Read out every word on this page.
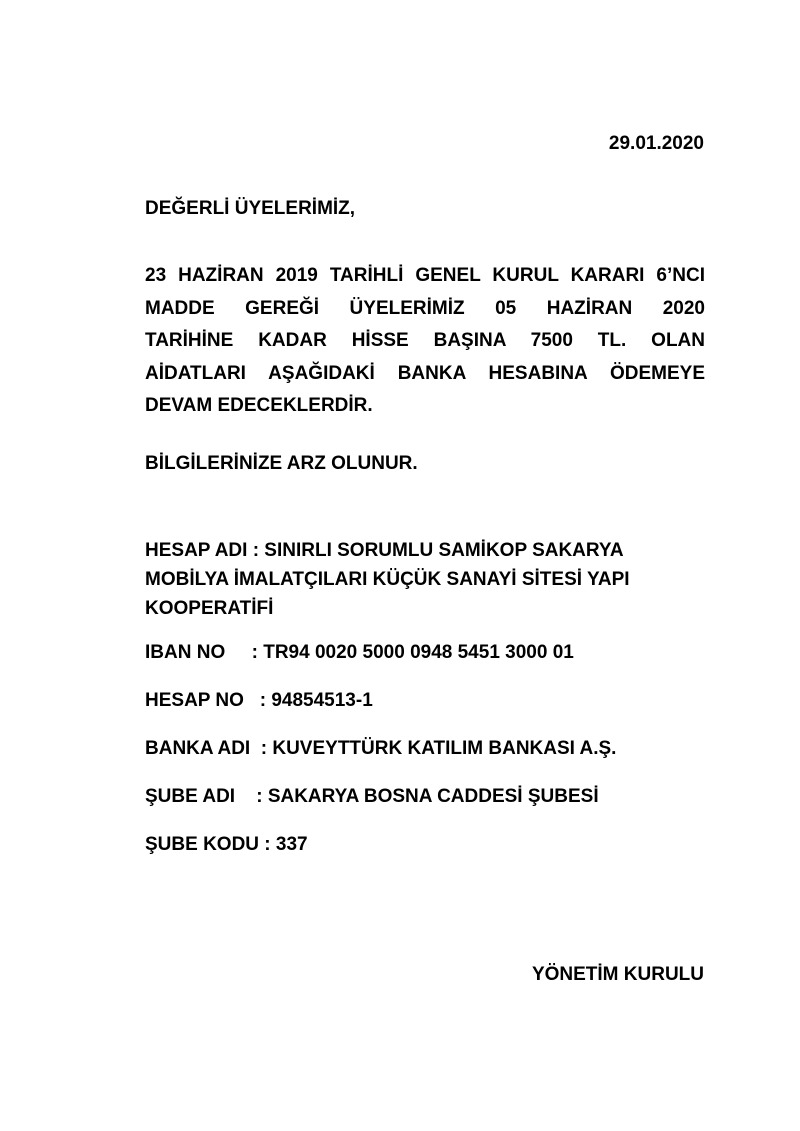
29.01.2020
DEĞERLİ ÜYELERİMİZ,
23 HAZİRAN 2019 TARİHLİ GENEL KURUL KARARI 6’NCI
MADDE GEREĞİ ÜYELERİMİZ 05 HAZİRAN 2020
TARİHİNE KADAR HİSSE BAŞINA 7500 TL. OLAN
AİDATLARI AŞAĞIDAKİ BANKA HESABINA ÖDEMEYE
DEVAM EDECEKLERDİR.
BİLGİLERİNİZE ARZ OLUNUR.
HESAP ADI : SINIRLI SORUMLU SAMİKOP SAKARYA
MOBİLYA İMALATÇILARI KÜÇÜK SANAYİ SİTESİ YAPI
KOOPERATİFİ
IBAN NO     : TR94 0020 5000 0948 5451 3000 01
HESAP NO   : 94854513-1
BANKA ADI  : KUVEYTTÜRK KATILIM BANKASI A.Ş.
ŞUBE ADI    : SAKARYA BOSNA CADDESİ ŞUBESİ
ŞUBE KODU : 337
YÖNETİM KURULU
